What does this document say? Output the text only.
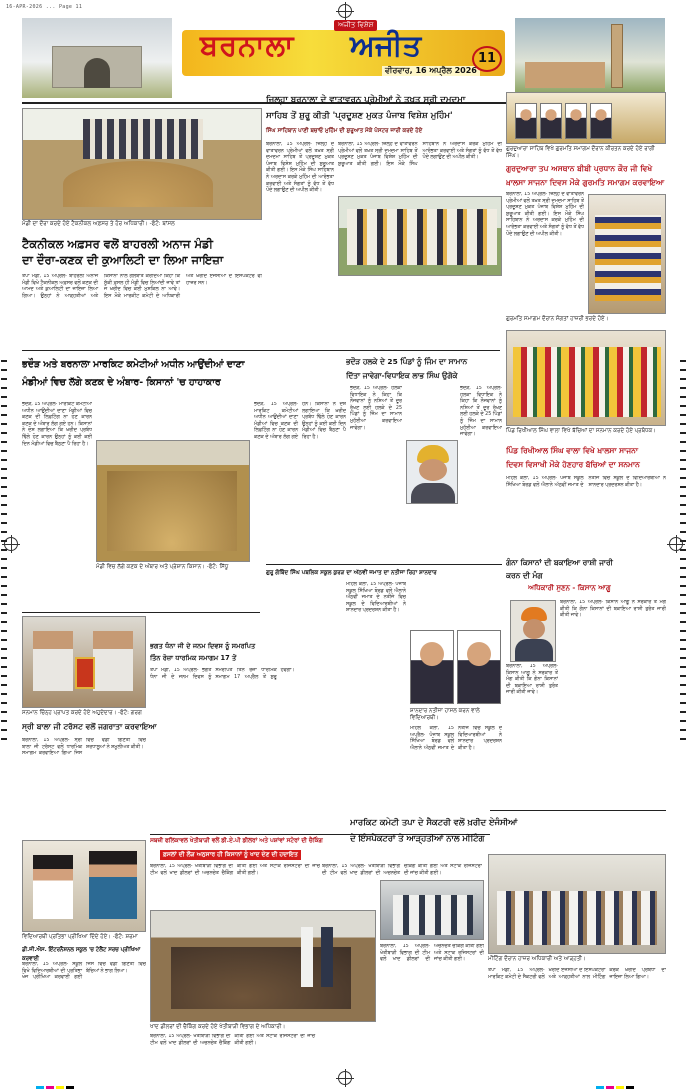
16-APR-2026 ... Page 11
ਅਜੀਤ ਵਿਸ਼ੇਸ਼
ਬਰਨਾਲਾ ਅਜੀਤ
ਵੀਰਵਾਰ, 16 ਅਪ੍ਰੈਲ 2026
11
ਮੰਡੀ ਦਾ ਦੌਰਾ ਕਰਦੇ ਹੋਏ ਟੈਕਨੀਕਲ ਅਫ਼ਸਰ ਤੇ ਹੋਰ ਅਧਿਕਾਰੀ। -ਫੋਟੋ: ਬਾਂਸਲ
ਟੈਕਨੀਕਲ ਅਫ਼ਸਰ ਵਲੋਂ ਬਾਹਰਲੀ ਅਨਾਜ ਮੰਡੀ
ਦਾ ਦੌਰਾ-ਕਣਕ ਦੀ ਕੁਆਲਿਟੀ ਦਾ ਲਿਆ ਜਾਇਜ਼ਾ
ਤਪਾ ਮੰਡੀ, 15 ਅਪ੍ਰੈਲ- ਬਾਹਰਲੀ ਅਨਾਜ ਮੰਡੀ ਵਿਖੇ ਟੈਕਨੀਕਲ ਅਫ਼ਸਰ ਵਲੋਂ ਕਣਕ ਦੀ ਆਮਦ ਅਤੇ ਕੁਆਲਿਟੀ ਦਾ ਜਾਇਜ਼ਾ ਲਿਆ ਗਿਆ। ਉਨ੍ਹਾਂ ਨੇ ਆੜ੍ਹਤੀਆਂ ਅਤੇ ਕਿਸਾਨਾਂ ਨਾਲ ਗੱਲਬਾਤ ਕਰਦਿਆਂ ਕਿਹਾ ਕਿ ਸੁੱਕੀ ਫ਼ਸਲ ਹੀ ਮੰਡੀ ਵਿਚ ਲਿਆਂਦੀ ਜਾਵੇ ਤਾਂ ਜੋ ਖ਼ਰੀਦ ਵਿਚ ਕੋਈ ਮੁਸ਼ਕਿਲ ਨਾ ਆਵੇ। ਇਸ ਮੌਕੇ ਮਾਰਕੀਟ ਕਮੇਟੀ ਦੇ ਅਧਿਕਾਰੀ ਅਤੇ ਖ਼ਰੀਦ ਏਜੰਸੀਆਂ ਦੇ ਇੰਸਪੈਕਟਰ ਵੀ ਹਾਜ਼ਰ ਸਨ।
ਜ਼ਿਲ੍ਹਾ ਬਰਨਾਲਾ ਦੇ ਵਾਤਾਵਰਨ ਪ੍ਰੇਮੀਆਂ ਨੇ ਤਖ਼ਤ ਸ੍ਰੀ ਦਮਦਮਾ
ਸਾਹਿਬ ਤੋਂ ਸ਼ੁਰੂ ਕੀਤੀ 'ਪ੍ਰਦੂਸ਼ਣ ਮੁਕਤ ਪੰਜਾਬ ਵਿਸ਼ੇਸ਼ ਮੁਹਿੰਮ'
ਸਿੰਘ ਸਾਹਿਬਾਨ ਪਾਣੀ ਬਚਾਓ ਮੁਹਿੰਮ ਦੀ ਸ਼ੁਰੂਆਤ ਮੌਕੇ ਪੋਸਟਰ ਜਾਰੀ ਕਰਦੇ ਹੋਏ
ਬਰਨਾਲਾ, 15 ਅਪ੍ਰੈਲ- ਜ਼ਿਲ੍ਹੇ ਦੇ ਵਾਤਾਵਰਨ ਪ੍ਰੇਮੀਆਂ ਵਲੋਂ ਤਖ਼ਤ ਸ੍ਰੀ ਦਮਦਮਾ ਸਾਹਿਬ ਤੋਂ ਪ੍ਰਦੂਸ਼ਣ ਮੁਕਤ ਪੰਜਾਬ ਵਿਸ਼ੇਸ਼ ਮੁਹਿੰਮ ਦੀ ਸ਼ੁਰੂਆਤ ਕੀਤੀ ਗਈ। ਇਸ ਮੌਕੇ ਸਿੰਘ ਸਾਹਿਬਾਨ ਨੇ ਅਰਦਾਸ ਕਰਕੇ ਮੁਹਿੰਮ ਦੀ ਆਰੰਭਤਾ ਕਰਵਾਈ ਅਤੇ ਸੰਗਤਾਂ ਨੂੰ ਵੱਧ ਤੋਂ ਵੱਧ ਪੌਦੇ ਲਗਾਉਣ ਦੀ ਅਪੀਲ ਕੀਤੀ।
ਬਰਨਾਲਾ, 15 ਅਪ੍ਰੈਲ- ਜ਼ਿਲ੍ਹੇ ਦੇ ਵਾਤਾਵਰਨ ਪ੍ਰੇਮੀਆਂ ਵਲੋਂ ਤਖ਼ਤ ਸ੍ਰੀ ਦਮਦਮਾ ਸਾਹਿਬ ਤੋਂ ਪ੍ਰਦੂਸ਼ਣ ਮੁਕਤ ਪੰਜਾਬ ਵਿਸ਼ੇਸ਼ ਮੁਹਿੰਮ ਦੀ ਸ਼ੁਰੂਆਤ ਕੀਤੀ ਗਈ। ਇਸ ਮੌਕੇ ਸਿੰਘ ਸਾਹਿਬਾਨ ਨੇ ਅਰਦਾਸ ਕਰਕੇ ਮੁਹਿੰਮ ਦੀ ਆਰੰਭਤਾ ਕਰਵਾਈ ਅਤੇ ਸੰਗਤਾਂ ਨੂੰ ਵੱਧ ਤੋਂ ਵੱਧ ਪੌਦੇ ਲਗਾਉਣ ਦੀ ਅਪੀਲ ਕੀਤੀ।
ਗੁਰਦੁਆਰਾ ਸਾਹਿਬ ਵਿਖੇ ਗੁਰਮਤਿ ਸਮਾਗਮ ਦੌਰਾਨ ਕੀਰਤਨ ਕਰਦੇ ਹੋਏ ਰਾਗੀ ਸਿੰਘ।
ਗੁਰਦੁਆਰਾ ਤਪ ਅਸਥਾਨ ਬੀਬੀ ਪ੍ਰਧਾਨ ਕੌਰ ਜੀ ਵਿਖੇ
ਖ਼ਾਲਸਾ ਸਾਜਨਾ ਦਿਵਸ ਮੌਕੇ ਗੁਰਮਤਿ ਸਮਾਗਮ ਕਰਵਾਇਆ
ਬਰਨਾਲਾ, 15 ਅਪ੍ਰੈਲ- ਜ਼ਿਲ੍ਹੇ ਦੇ ਵਾਤਾਵਰਨ ਪ੍ਰੇਮੀਆਂ ਵਲੋਂ ਤਖ਼ਤ ਸ੍ਰੀ ਦਮਦਮਾ ਸਾਹਿਬ ਤੋਂ ਪ੍ਰਦੂਸ਼ਣ ਮੁਕਤ ਪੰਜਾਬ ਵਿਸ਼ੇਸ਼ ਮੁਹਿੰਮ ਦੀ ਸ਼ੁਰੂਆਤ ਕੀਤੀ ਗਈ। ਇਸ ਮੌਕੇ ਸਿੰਘ ਸਾਹਿਬਾਨ ਨੇ ਅਰਦਾਸ ਕਰਕੇ ਮੁਹਿੰਮ ਦੀ ਆਰੰਭਤਾ ਕਰਵਾਈ ਅਤੇ ਸੰਗਤਾਂ ਨੂੰ ਵੱਧ ਤੋਂ ਵੱਧ ਪੌਦੇ ਲਗਾਉਣ ਦੀ ਅਪੀਲ ਕੀਤੀ।
ਗੁਰਮਤਿ ਸਮਾਗਮ ਦੌਰਾਨ ਸੰਗਤਾਂ ਹਾਜ਼ਰੀ ਭਰਦੇ ਹੋਏ।
ਪਿੰਡ ਰਿਖੀਆਲ ਸਿੰਘ ਵਾਲਾ ਵਿਖੇ ਬੱਚਿਆਂ ਦਾ ਸਨਮਾਨ ਕਰਦੇ ਹੋਏ ਪ੍ਰਬੰਧਕ।
ਪਿੰਡ ਰਿਖੀਆਲ ਸਿੰਘ ਵਾਲਾ ਵਿਖੇ ਖ਼ਾਲਸਾ ਸਾਜਨਾ
ਦਿਵਸ ਵਿਸਾਖੀ ਮੌਕੇ ਹੋਣਹਾਰ ਬੱਚਿਆਂ ਦਾ ਸਨਮਾਨ
ਮਹਿਲ ਕਲਾਂ, 15 ਅਪ੍ਰੈਲ- ਪੰਜਾਬ ਸਕੂਲ ਸਿੱਖਿਆ ਬੋਰਡ ਵਲੋਂ ਐਲਾਨੇ ਅੱਠਵੀਂ ਜਮਾਤ ਦੇ ਨਤੀਜੇ ਵਿਚ ਸਕੂਲ ਦੇ ਵਿਦਿਆਰਥੀਆਂ ਨੇ ਸ਼ਾਨਦਾਰ ਪ੍ਰਦਰਸ਼ਨ ਕੀਤਾ ਹੈ।
ਭਦੌੜ ਅਤੇ ਬਰਨਾਲਾ ਮਾਰਕਿਟ ਕਮੇਟੀਆਂ ਅਧੀਨ ਆਉਂਦੀਆਂ ਦਾਣਾ
ਮੰਡੀਆਂ ਵਿਚ ਲੱਗੇ ਕਣਕ ਦੇ ਅੰਬਾਰ- ਕਿਸਾਨਾਂ 'ਚ ਹਾਹਾਕਾਰ
ਭਦੌੜ, 15 ਅਪ੍ਰੈਲ- ਮਾਰਕਿਟ ਕਮੇਟੀਆਂ ਅਧੀਨ ਆਉਂਦੀਆਂ ਦਾਣਾ ਮੰਡੀਆਂ ਵਿਚ ਕਣਕ ਦੀ ਲਿਫ਼ਟਿੰਗ ਨਾ ਹੋਣ ਕਾਰਨ ਕਣਕ ਦੇ ਅੰਬਾਰ ਲੱਗ ਗਏ ਹਨ। ਕਿਸਾਨਾਂ ਨੇ ਦੋਸ਼ ਲਗਾਇਆ ਕਿ ਖ਼ਰੀਦ ਪ੍ਰਬੰਧ ਢਿੱਲੇ ਹੋਣ ਕਾਰਨ ਉਨ੍ਹਾਂ ਨੂੰ ਕਈ ਕਈ ਦਿਨ ਮੰਡੀਆਂ ਵਿਚ ਬੈਠਣਾ ਪੈ ਰਿਹਾ ਹੈ।
ਮੰਡੀ ਵਿਚ ਲੱਗੇ ਕਣਕ ਦੇ ਅੰਬਾਰ ਅਤੇ ਪ੍ਰੇਸ਼ਾਨ ਕਿਸਾਨ। -ਫੋਟੋ: ਸਿੱਧੂ
ਭਦੌੜ, 15 ਅਪ੍ਰੈਲ- ਮਾਰਕਿਟ ਕਮੇਟੀਆਂ ਅਧੀਨ ਆਉਂਦੀਆਂ ਦਾਣਾ ਮੰਡੀਆਂ ਵਿਚ ਕਣਕ ਦੀ ਲਿਫ਼ਟਿੰਗ ਨਾ ਹੋਣ ਕਾਰਨ ਕਣਕ ਦੇ ਅੰਬਾਰ ਲੱਗ ਗਏ ਹਨ। ਕਿਸਾਨਾਂ ਨੇ ਦੋਸ਼ ਲਗਾਇਆ ਕਿ ਖ਼ਰੀਦ ਪ੍ਰਬੰਧ ਢਿੱਲੇ ਹੋਣ ਕਾਰਨ ਉਨ੍ਹਾਂ ਨੂੰ ਕਈ ਕਈ ਦਿਨ ਮੰਡੀਆਂ ਵਿਚ ਬੈਠਣਾ ਪੈ ਰਿਹਾ ਹੈ।
ਭਦੌੜ ਹਲਕੇ ਦੇ 25 ਪਿੰਡਾਂ ਨੂੰ ਜਿੰਮ ਦਾ ਸਾਮਾਨ
ਦਿੱਤਾ ਜਾਵੇਗਾ-ਵਿਧਾਇਕ ਲਾਭ ਸਿੰਘ ਉਗੋਕੇ
ਭਦੌੜ, 15 ਅਪ੍ਰੈਲ- ਹਲਕਾ ਵਿਧਾਇਕ ਨੇ ਕਿਹਾ ਕਿ ਨੌਜਵਾਨਾਂ ਨੂੰ ਨਸ਼ਿਆਂ ਤੋਂ ਦੂਰ ਰੱਖਣ ਲਈ ਹਲਕੇ ਦੇ 25 ਪਿੰਡਾਂ ਨੂੰ ਜਿੰਮ ਦਾ ਸਾਮਾਨ ਮੁਹੱਈਆ ਕਰਵਾਇਆ ਜਾਵੇਗਾ।
ਭਦੌੜ, 15 ਅਪ੍ਰੈਲ- ਹਲਕਾ ਵਿਧਾਇਕ ਨੇ ਕਿਹਾ ਕਿ ਨੌਜਵਾਨਾਂ ਨੂੰ ਨਸ਼ਿਆਂ ਤੋਂ ਦੂਰ ਰੱਖਣ ਲਈ ਹਲਕੇ ਦੇ 25 ਪਿੰਡਾਂ ਨੂੰ ਜਿੰਮ ਦਾ ਸਾਮਾਨ ਮੁਹੱਈਆ ਕਰਵਾਇਆ ਜਾਵੇਗਾ।
ਗੰਨਾ ਕਿਸਾਨਾਂ ਦੀ ਬਕਾਇਆ ਰਾਸ਼ੀ ਜਾਰੀ
ਕਰਨ ਦੀ ਮੰਗ
ਅਧਿਕਾਰੀ ਸੁਣਨ - ਕਿਸਾਨ ਆਗੂ
ਬਰਨਾਲਾ, 15 ਅਪ੍ਰੈਲ- ਕਿਸਾਨ ਆਗੂ ਨੇ ਸਰਕਾਰ ਤੋਂ ਮੰਗ ਕੀਤੀ ਕਿ ਗੰਨਾ ਕਿਸਾਨਾਂ ਦੀ ਬਕਾਇਆ ਰਾਸ਼ੀ ਤੁਰੰਤ ਜਾਰੀ ਕੀਤੀ ਜਾਵੇ।
ਬਰਨਾਲਾ, 15 ਅਪ੍ਰੈਲ- ਕਿਸਾਨ ਆਗੂ ਨੇ ਸਰਕਾਰ ਤੋਂ ਮੰਗ ਕੀਤੀ ਕਿ ਗੰਨਾ ਕਿਸਾਨਾਂ ਦੀ ਬਕਾਇਆ ਰਾਸ਼ੀ ਤੁਰੰਤ ਜਾਰੀ ਕੀਤੀ ਜਾਵੇ।
ਗੁਰੂ ਗੋਬਿੰਦ ਸਿੰਘ ਪਬਲਿਕ ਸਕੂਲ ਕੁਰੜ ਦਾ ਅੱਠਵੀਂ ਜਮਾਤ ਦਾ ਨਤੀਜਾ ਰਿਹਾ ਸ਼ਾਨਦਾਰ
ਮਹਿਲ ਕਲਾਂ, 15 ਅਪ੍ਰੈਲ- ਪੰਜਾਬ ਸਕੂਲ ਸਿੱਖਿਆ ਬੋਰਡ ਵਲੋਂ ਐਲਾਨੇ ਅੱਠਵੀਂ ਜਮਾਤ ਦੇ ਨਤੀਜੇ ਵਿਚ ਸਕੂਲ ਦੇ ਵਿਦਿਆਰਥੀਆਂ ਨੇ ਸ਼ਾਨਦਾਰ ਪ੍ਰਦਰਸ਼ਨ ਕੀਤਾ ਹੈ।
ਸ਼ਾਨਦਾਰ ਨਤੀਜਾ ਹਾਸਲ ਕਰਨ ਵਾਲੇ ਵਿਦਿਆਰਥੀ।
ਮਹਿਲ ਕਲਾਂ, 15 ਅਪ੍ਰੈਲ- ਪੰਜਾਬ ਸਕੂਲ ਸਿੱਖਿਆ ਬੋਰਡ ਵਲੋਂ ਐਲਾਨੇ ਅੱਠਵੀਂ ਜਮਾਤ ਦੇ ਨਤੀਜੇ ਵਿਚ ਸਕੂਲ ਦੇ ਵਿਦਿਆਰਥੀਆਂ ਨੇ ਸ਼ਾਨਦਾਰ ਪ੍ਰਦਰਸ਼ਨ ਕੀਤਾ ਹੈ।
ਸਨਮਾਨ ਚਿੰਨ੍ਹ ਪ੍ਰਾਪਤ ਕਰਦੇ ਹੋਏ ਅਹੁਦੇਦਾਰ। -ਫੋਟੋ: ਗਰਗ
ਸ੍ਰੀ ਬਾਲਾ ਜੀ ਟਰੱਸਟ ਵਲੋਂ ਜਗਰਾਤਾ ਕਰਵਾਇਆ
ਬਰਨਾਲਾ, 15 ਅਪ੍ਰੈਲ- ਸ੍ਰੀ ਬਾਲਾ ਜੀ ਟਰੱਸਟ ਵਲੋਂ ਧਾਰਮਿਕ ਸਮਾਗਮ ਕਰਵਾਇਆ ਗਿਆ ਜਿਸ ਵਿਚ ਵੱਡੀ ਗਿਣਤੀ ਵਿਚ ਸ਼ਰਧਾਲੂਆਂ ਨੇ ਸ਼ਮੂਲੀਅਤ ਕੀਤੀ।
ਭਗਤ ਧੰਨਾ ਜੀ ਦੇ ਜਨਮ ਦਿਵਸ ਨੂੰ ਸਮਰਪਿਤ
ਤਿੰਨ ਰੋਜ਼ਾ ਧਾਰਮਿਕ ਸਮਾਗਮ 17 ਤੋਂ
ਤਪਾ ਮੰਡੀ, 15 ਅਪ੍ਰੈਲ- ਭਗਤ ਧੰਨਾ ਜੀ ਦੇ ਜਨਮ ਦਿਵਸ ਨੂੰ ਸਮਰਪਿਤ ਤਿੰਨ ਰੋਜ਼ਾ ਧਾਰਮਿਕ ਸਮਾਗਮ 17 ਅਪ੍ਰੈਲ ਤੋਂ ਸ਼ੁਰੂ ਹੋਵੇਗਾ।
ਸਬਜ਼ੀ ਫਲਿਕਾਵਲ ਖੇਤੀਬਾੜੀ ਵਲੋਂ ਡੀ.ਏ.ਪੀ ਡੀਲਰਾਂ ਅਤੇ ਪਸ਼ਾਂਵਾਂ ਸਟੋਰਾਂ ਦੀ ਚੈਕਿੰਗ
ਫ਼ਸਲਾਂ ਦੀ ਲੋੜ ਅਨੁਸਾਰ ਹੀ ਕਿਸਾਨਾਂ ਨੂੰ ਖਾਦ ਦੇਣ ਦੀ ਹਦਾਇਤ
ਬਰਨਾਲਾ, 15 ਅਪ੍ਰੈਲ- ਖੇਤੀਬਾੜੀ ਵਿਭਾਗ ਦੀ ਟੀਮ ਵਲੋਂ ਖਾਦ ਡੀਲਰਾਂ ਦੀ ਅਚਨਚੇਤ ਚੈਕਿੰਗ ਕੀਤੀ ਗਈ ਅਤੇ ਸਟਾਕ ਰਜਿਸਟਰਾਂ ਦੀ ਜਾਂਚ ਕੀਤੀ ਗਈ।
ਖਾਦ ਡੀਲਰਾਂ ਦੀ ਚੈਕਿੰਗ ਕਰਦੇ ਹੋਏ ਖੇਤੀਬਾੜੀ ਵਿਭਾਗ ਦੇ ਅਧਿਕਾਰੀ।
ਬਰਨਾਲਾ, 15 ਅਪ੍ਰੈਲ- ਖੇਤੀਬਾੜੀ ਵਿਭਾਗ ਦੀ ਟੀਮ ਵਲੋਂ ਖਾਦ ਡੀਲਰਾਂ ਦੀ ਅਚਨਚੇਤ ਚੈਕਿੰਗ ਕੀਤੀ ਗਈ ਅਤੇ ਸਟਾਕ ਰਜਿਸਟਰਾਂ ਦੀ ਜਾਂਚ ਕੀਤੀ ਗਈ।
ਬਰਨਾਲਾ, 15 ਅਪ੍ਰੈਲ- ਖੇਤੀਬਾੜੀ ਵਿਭਾਗ ਦੀ ਟੀਮ ਵਲੋਂ ਖਾਦ ਡੀਲਰਾਂ ਦੀ ਅਚਨਚੇਤ ਚੈਕਿੰਗ ਕੀਤੀ ਗਈ ਅਤੇ ਸਟਾਕ ਰਜਿਸਟਰਾਂ ਦੀ ਜਾਂਚ ਕੀਤੀ ਗਈ।
ਬਰਨਾਲਾ, 15 ਅਪ੍ਰੈਲ- ਖੇਤੀਬਾੜੀ ਵਿਭਾਗ ਦੀ ਟੀਮ ਵਲੋਂ ਖਾਦ ਡੀਲਰਾਂ ਦੀ ਅਚਨਚੇਤ ਚੈਕਿੰਗ ਕੀਤੀ ਗਈ ਅਤੇ ਸਟਾਕ ਰਜਿਸਟਰਾਂ ਦੀ ਜਾਂਚ ਕੀਤੀ ਗਈ।
ਮਾਰਕਿਟ ਕਮੇਟੀ ਤਪਾ ਦੇ ਸੈਕਟਰੀ ਵਲੋਂ ਖ਼ਰੀਦ ਏਜੰਸੀਆਂ
ਦੇ ਇੰਸਪੈਕਟਰਾਂ ਤੇ ਆੜ੍ਹਤੀਆਂ ਨਾਲ ਮੀਟਿੰਗ
ਮੀਟਿੰਗ ਦੌਰਾਨ ਹਾਜ਼ਰ ਅਧਿਕਾਰੀ ਅਤੇ ਆੜ੍ਹਤੀ।
ਤਪਾ ਮੰਡੀ, 15 ਅਪ੍ਰੈਲ- ਮਾਰਕਿਟ ਕਮੇਟੀ ਦੇ ਸੈਕਟਰੀ ਵਲੋਂ ਖ਼ਰੀਦ ਏਜੰਸੀਆਂ ਦੇ ਇੰਸਪੈਕਟਰਾਂ ਅਤੇ ਆੜ੍ਹਤੀਆਂ ਨਾਲ ਮੀਟਿੰਗ ਕਰਕੇ ਖ਼ਰੀਦ ਪ੍ਰਬੰਧਾਂ ਦਾ ਜਾਇਜ਼ਾ ਲਿਆ ਗਿਆ।
ਵਿਦਿਆਰਥੀ ਪ੍ਰਤਿਭਾ ਪ੍ਰੀਖਿਆ ਦਿੰਦੇ ਹੋਏ। -ਫੋਟੋ: ਸ਼ਰਮਾ
ਡੀ.ਜੀ.ਐਸ. ਇੰਟਰਨੈਸ਼ਨਲ ਸਕੂਲ 'ਚ ਟੇਲੈਂਟ ਸਰਚ ਪ੍ਰੀਖਿਆ ਕਰਵਾਈ
ਬਰਨਾਲਾ, 15 ਅਪ੍ਰੈਲ- ਸਕੂਲ ਵਿਖੇ ਵਿਦਿਆਰਥੀਆਂ ਦੀ ਪ੍ਰਤਿਭਾ ਖੋਜ ਪ੍ਰੀਖਿਆ ਕਰਵਾਈ ਗਈ ਜਿਸ ਵਿਚ ਵੱਡੀ ਗਿਣਤੀ ਵਿਚ ਬੱਚਿਆਂ ਨੇ ਭਾਗ ਲਿਆ।
